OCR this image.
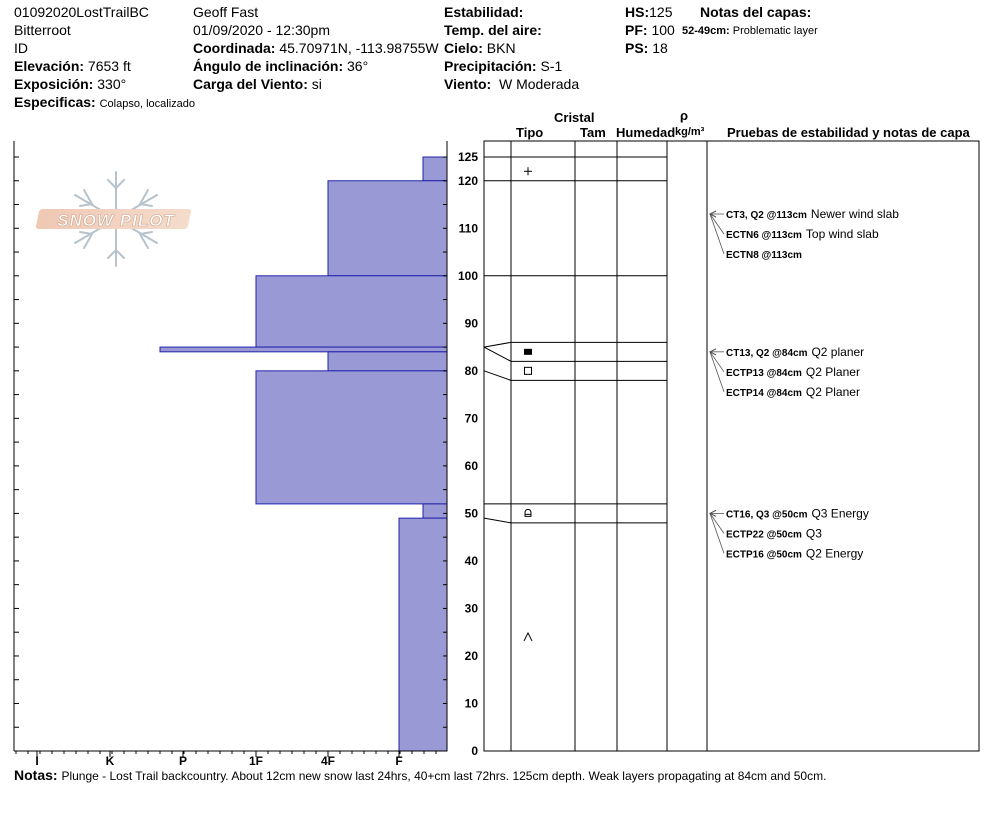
01092020LostTrailBC
Bitterroot
ID
Elevación: 7653 ft
Exposición: 330°
Especificas: Colapso, localizado
Geoff Fast
01/09/2020 - 12:30pm
Coordinada: 45.70971N, -113.98755W
Ángulo de inclinación: 36°
Carga del Viento: si
Estabilidad:
Temp. del aire:
Cielo: BKN
Precipitación: S-1
Viento: W Moderada
HS:125
PF: 100
PS: 18
Notas del capas:
52-49cm: Problematic layer
Cristal
Tipo	Tam Humedad
ρ
kg/m³ Pruebas de estabilidad y notas de capa
SNOW PILOT
I	K	P	1F	4F	F
0
10
20
30
40
50
60
70
80
90
100
110
120
125
CT16, Q3 @50cm Q3 Energy
ECTP22 @50cm Q3
ECTP16 @50cm Q2 Energy
CT13, Q2 @84cm Q2 planer
ECTP13 @84cm Q2 Planer
ECTP14 @84cm Q2 Planer
CT3, Q2 @113cm Newer wind slab
ECTN6 @113cm Top wind slab
ECTN8 @113cm
Notas: Plunge - Lost Trail backcountry. About 12cm new snow last 24hrs, 40+cm last 72hrs. 125cm depth. Weak layers propagating at 84cm and 50cm.
